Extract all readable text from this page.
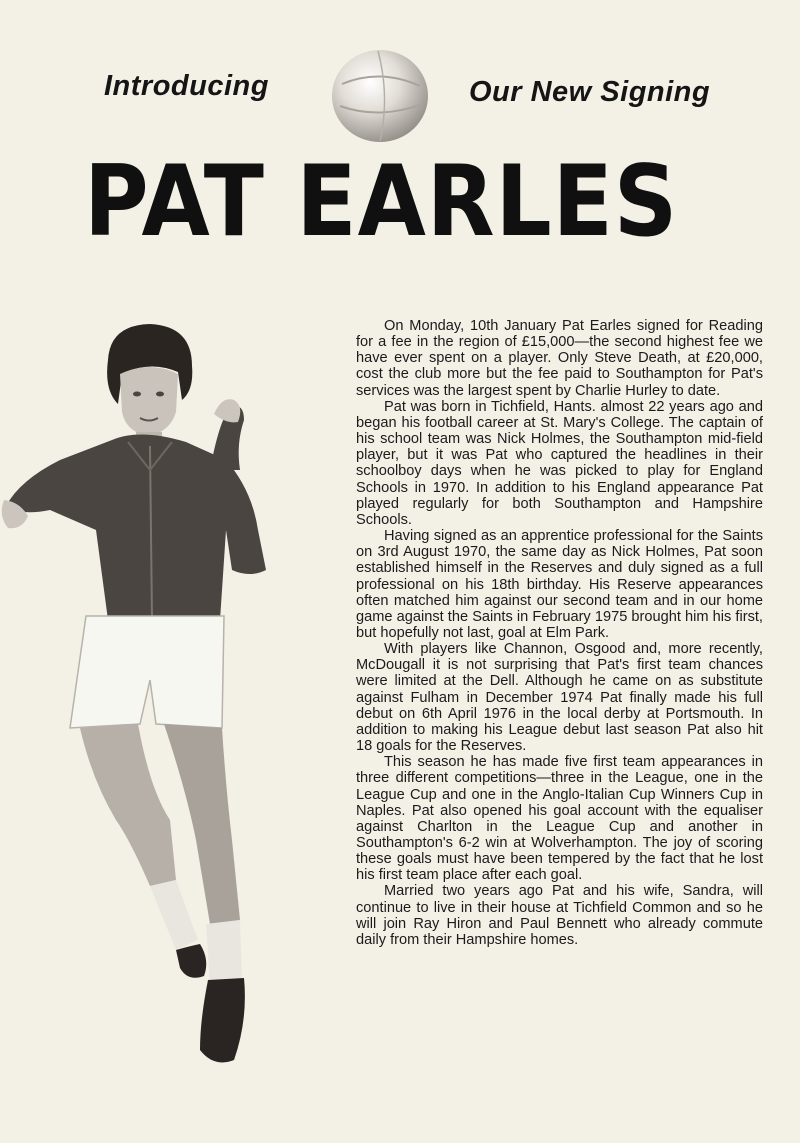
Introducing	Our New Signing
PAT EARLES

On Monday, 10th January Pat Earles signed for Reading for a fee in the region of £15,000—the second highest fee we have ever spent on a player. Only Steve Death, at £20,000, cost the club more but the fee paid to Southampton for Pat's services was the largest spent by Charlie Hurley to date.

Pat was born in Tichfield, Hants. almost 22 years ago and began his football career at St. Mary's College. The captain of his school team was Nick Holmes, the Southampton mid-field player, but it was Pat who captured the headlines in their schoolboy days when he was picked to play for England Schools in 1970. In addition to his England appearance Pat played regularly for both Southampton and Hampshire Schools.

Having signed as an apprentice professional for the Saints on 3rd August 1970, the same day as Nick Holmes, Pat soon established himself in the Reserves and duly signed as a full professional on his 18th birthday. His Reserve appearances often matched him against our second team and in our home game against the Saints in February 1975 brought him his first, but hopefully not last, goal at Elm Park.

With players like Channon, Osgood and, more recently, McDougall it is not surprising that Pat's first team chances were limited at the Dell. Although he came on as substitute against Fulham in December 1974 Pat finally made his full debut on 6th April 1976 in the local derby at Portsmouth. In addition to making his League debut last season Pat also hit 18 goals for the Reserves.

This season he has made five first team appearances in three different competitions—three in the League, one in the League Cup and one in the Anglo-Italian Cup Winners Cup in Naples. Pat also opened his goal account with the equaliser against Charlton in the League Cup and another in Southampton's 6-2 win at Wolverhampton. The joy of scoring these goals must have been tempered by the fact that he lost his first team place after each goal.

Married two years ago Pat and his wife, Sandra, will continue to live in their house at Tichfield Common and so he will join Ray Hiron and Paul Bennett who already commute daily from their Hampshire homes.
